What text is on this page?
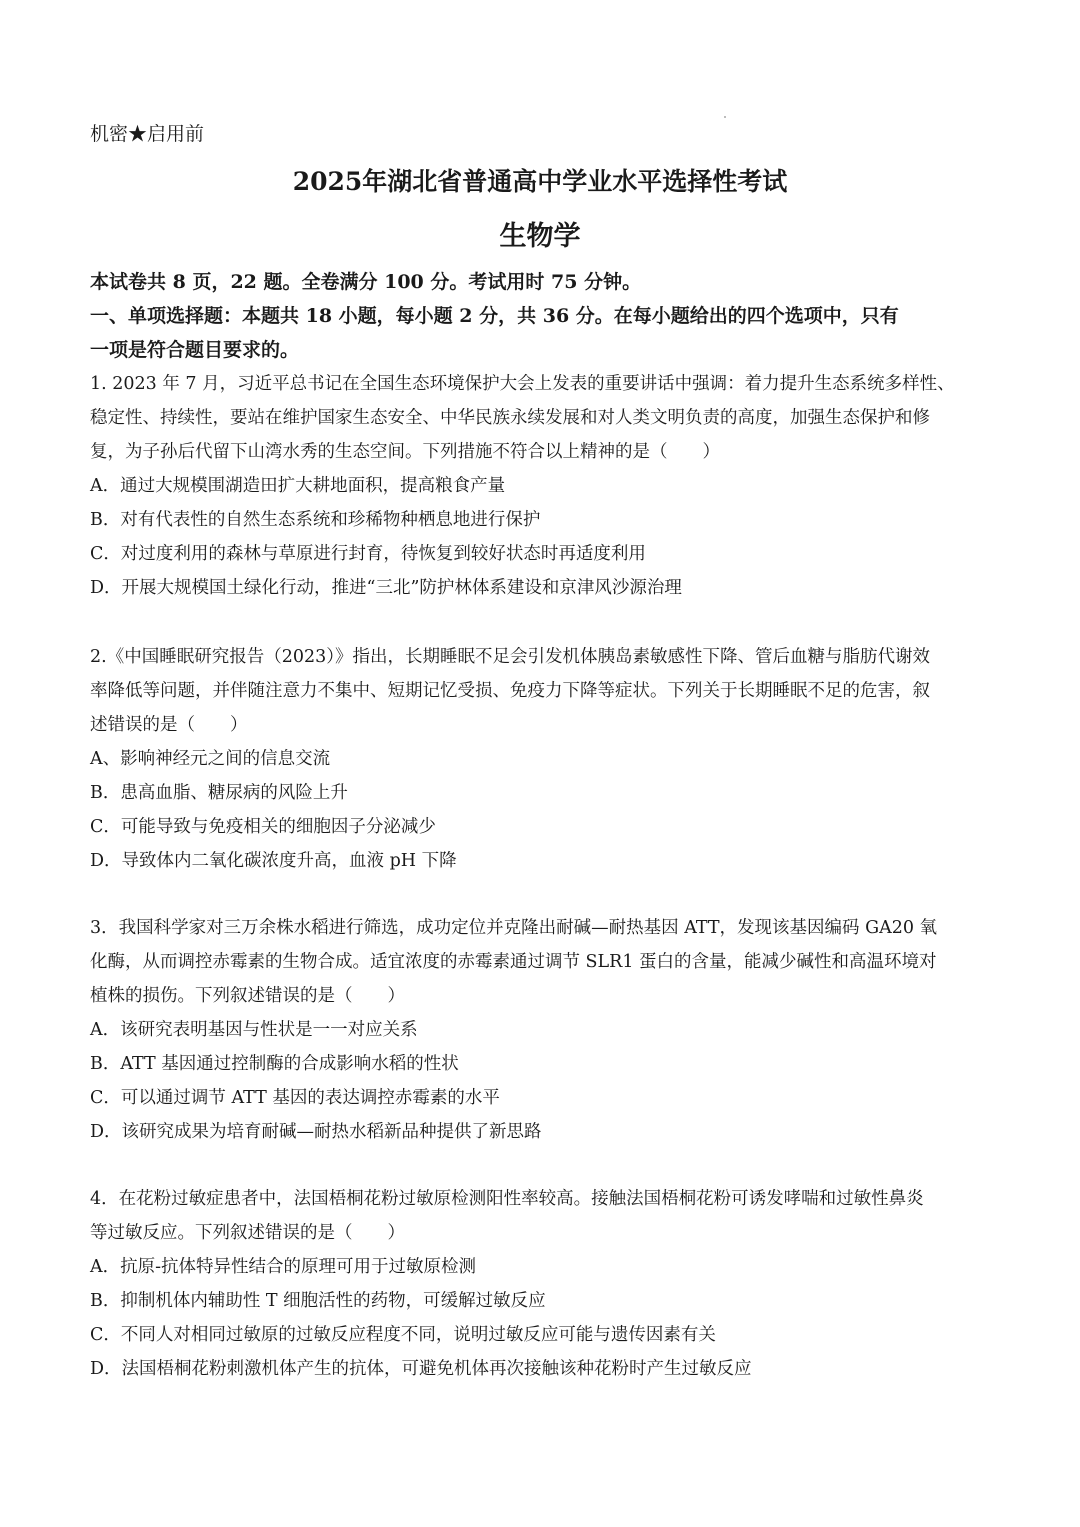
机密★启用前
2025年湖北省普通高中学业水平选择性考试
生物学

本试卷共 8 页，22 题。全卷满分 100 分。考试用时 75 分钟。

一、单项选择题：本题共 18 小题，每小题 2 分，共 36 分。在每小题给出的四个选项中，只有

一项是符合题目要求的。

1. 2023 年 7 月，习近平总书记在全国生态环境保护大会上发表的重要讲话中强调：着力提升生态系统多样性、

稳定性、持续性，要站在维护国家生态安全、中华民族永续发展和对人类文明负责的高度，加强生态保护和修

复，为子孙后代留下山湾水秀的生态空间。下列措施不符合以上精神的是（　　）

A．通过大规模围湖造田扩大耕地面积，提高粮食产量

B．对有代表性的自然生态系统和珍稀物种栖息地进行保护

C．对过度利用的森林与草原进行封育，待恢复到较好状态时再适度利用

D．开展大规模国土绿化行动，推进“三北”防护林体系建设和京津风沙源治理

2.《中国睡眠研究报告（2023）》指出，长期睡眠不足会引发机体胰岛素敏感性下降、管后血糖与脂肪代谢效

率降低等问题，并伴随注意力不集中、短期记忆受损、免疫力下降等症状。下列关于长期睡眠不足的危害，叙

述错误的是（　　）

A、影响神经元之间的信息交流

B．患高血脂、糖尿病的风险上升

C．可能导致与免疫相关的细胞因子分泌减少

D．导致体内二氧化碳浓度升高，血液 pH 下降

3．我国科学家对三万余株水稻进行筛选，成功定位并克隆出耐碱—耐热基因 ATT，发现该基因编码 GA20 氧

化酶，从而调控赤霉素的生物合成。适宜浓度的赤霉素通过调节 SLR1 蛋白的含量，能减少碱性和高温环境对

植株的损伤。下列叙述错误的是（　　）

A．该研究表明基因与性状是一一对应关系

B．ATT 基因通过控制酶的合成影响水稻的性状

C．可以通过调节 ATT 基因的表达调控赤霉素的水平

D．该研究成果为培育耐碱—耐热水稻新品种提供了新思路

4．在花粉过敏症患者中，法国梧桐花粉过敏原检测阳性率较高。接触法国梧桐花粉可诱发哮喘和过敏性鼻炎

等过敏反应。下列叙述错误的是（　　）

A．抗原-抗体特异性结合的原理可用于过敏原检测

B．抑制机体内辅助性 T 细胞活性的药物，可缓解过敏反应

C．不同人对相同过敏原的过敏反应程度不同，说明过敏反应可能与遗传因素有关

D．法国梧桐花粉刺激机体产生的抗体，可避免机体再次接触该种花粉时产生过敏反应
